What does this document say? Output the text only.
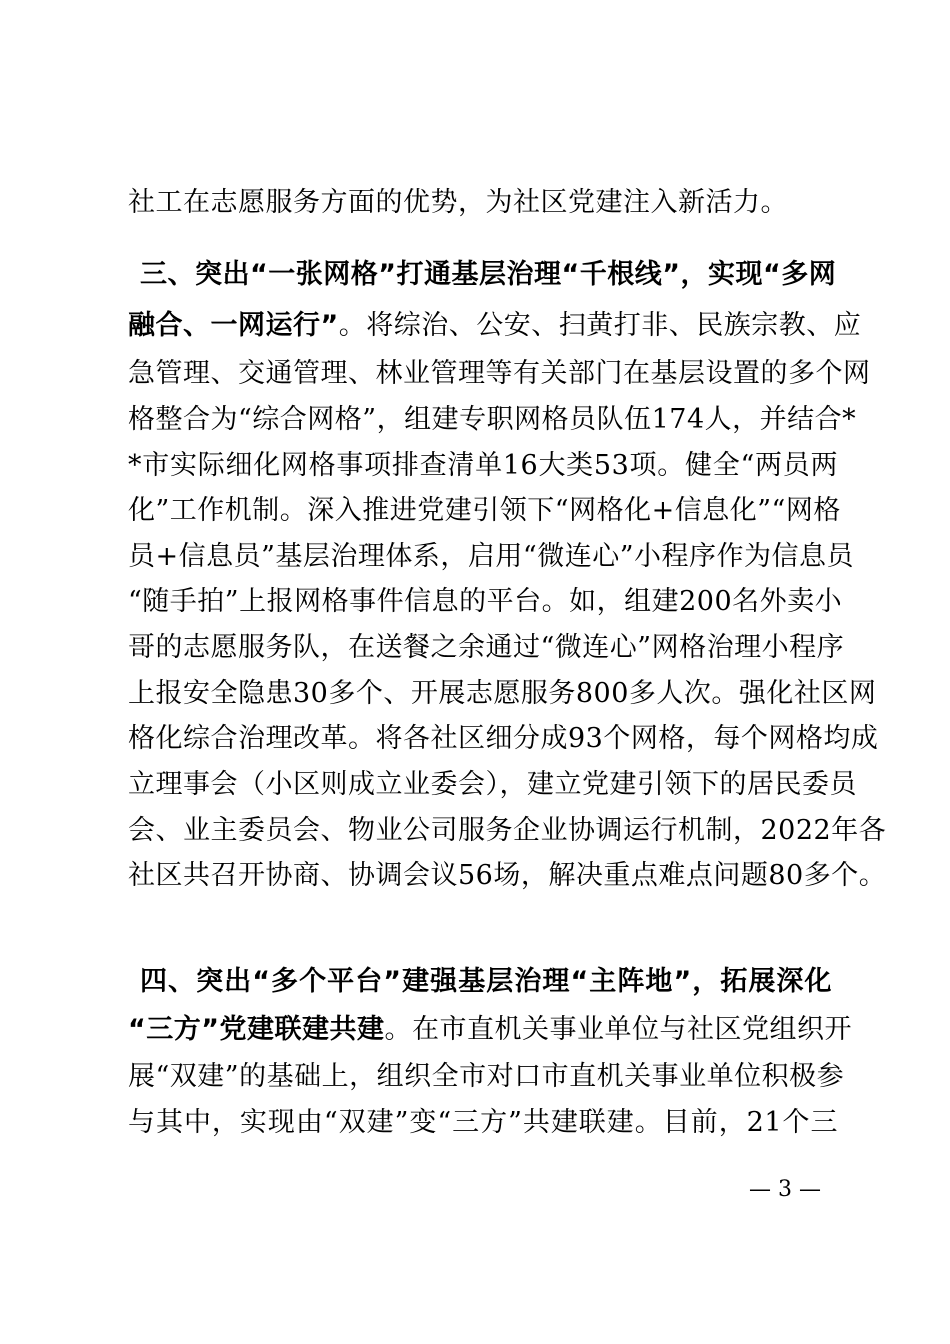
社工在志愿服务方面的优势，为社区党建注入新活力。
三、突出“一张网格”打通基层治理“千根线”，实现“多网
融合、一网运行”。将综治、公安、扫黄打非、民族宗教、应
急管理、交通管理、林业管理等有关部门在基层设置的多个网
格整合为“综合网格”，组建专职网格员队伍174人，并结合*
*市实际细化网格事项排查清单16大类53项。健全“两员两
化”工作机制。深入推进党建引领下“网格化+信息化”“网格
员+信息员”基层治理体系，启用“微连心”小程序作为信息员
“随手拍”上报网格事件信息的平台。如，组建200名外卖小
哥的志愿服务队，在送餐之余通过“微连心”网格治理小程序
上报安全隐患30多个、开展志愿服务800多人次。强化社区网
格化综合治理改革。将各社区细分成93个网格，每个网格均成
立理事会（小区则成立业委会），建立党建引领下的居民委员
会、业主委员会、物业公司服务企业协调运行机制，2022年各
社区共召开协商、协调会议56场，解决重点难点问题80多个。
四、突出“多个平台”建强基层治理“主阵地”，拓展深化
“三方”党建联建共建。在市直机关事业单位与社区党组织开
展“双建”的基础上，组织全市对口市直机关事业单位积极参
与其中，实现由“双建”变“三方”共建联建。目前，21个三
— 3 —
